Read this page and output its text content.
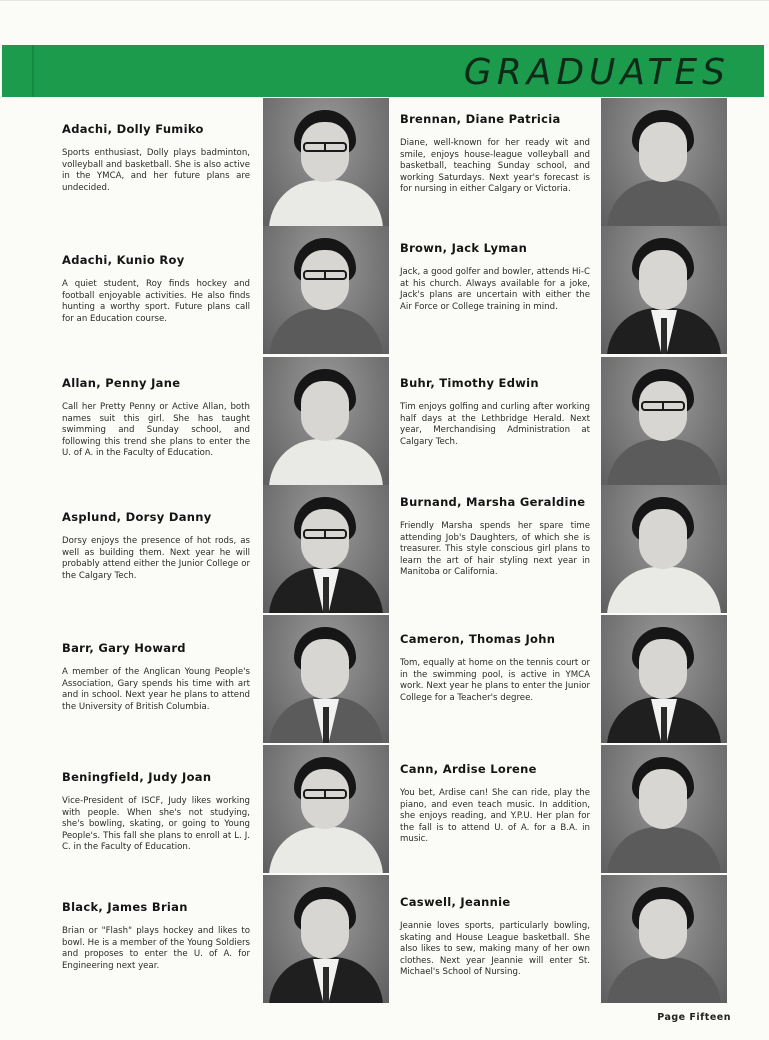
GRADUATES
Adachi, Dolly Fumiko

Sports enthusiast, Dolly plays badminton, volleyball and basketball. She is also active in the YMCA, and her future plans are undecided.

Adachi, Kunio Roy

A quiet student, Roy finds hockey and football enjoyable activities. He also finds hunting a worthy sport. Future plans call for an Education course.

Allan, Penny Jane

Call her Pretty Penny or Active Allan, both names suit this girl. She has taught swimming and Sunday school, and following this trend she plans to enter the U. of A. in the Faculty of Education.

Asplund, Dorsy Danny

Dorsy enjoys the presence of hot rods, as well as building them. Next year he will probably attend either the Junior College or the Calgary Tech.

Barr, Gary Howard

A member of the Anglican Young People's Association, Gary spends his time with art and in school. Next year he plans to attend the University of British Columbia.

Beningfield, Judy Joan

Vice-President of ISCF, Judy likes working with people. When she's not studying, she's bowling, skating, or going to Young People's. This fall she plans to enroll at L. J. C. in the Faculty of Education.

Black, James Brian

Brian or "Flash" plays hockey and likes to bowl. He is a member of the Young Soldiers and proposes to enter the U. of A. for Engineering next year.

Brennan, Diane Patricia

Diane, well-known for her ready wit and smile, enjoys house-league volleyball and basketball, teaching Sunday school, and working Saturdays. Next year's forecast is for nursing in either Calgary or Victoria.

Brown, Jack Lyman

Jack, a good golfer and bowler, attends Hi-C at his church. Always available for a joke, Jack's plans are uncertain with either the Air Force or College training in mind.

Buhr, Timothy Edwin

Tim enjoys golfing and curling after working half days at the Lethbridge Herald. Next year, Merchandising Administration at Calgary Tech.

Burnand, Marsha Geraldine

Friendly Marsha spends her spare time attending Job's Daughters, of which she is treasurer. This style conscious girl plans to learn the art of hair styling next year in Manitoba or California.

Cameron, Thomas John

Tom, equally at home on the tennis court or in the swimming pool, is active in YMCA work. Next year he plans to enter the Junior College for a Teacher's degree.

Cann, Ardise Lorene

You bet, Ardise can! She can ride, play the piano, and even teach music. In addition, she enjoys reading, and Y.P.U. Her plan for the fall is to attend U. of A. for a B.A. in music.

Caswell, Jeannie

Jeannie loves sports, particularly bowling, skating and House League basketball. She also likes to sew, making many of her own clothes. Next year Jeannie will enter St. Michael's School of Nursing.

Page Fifteen
